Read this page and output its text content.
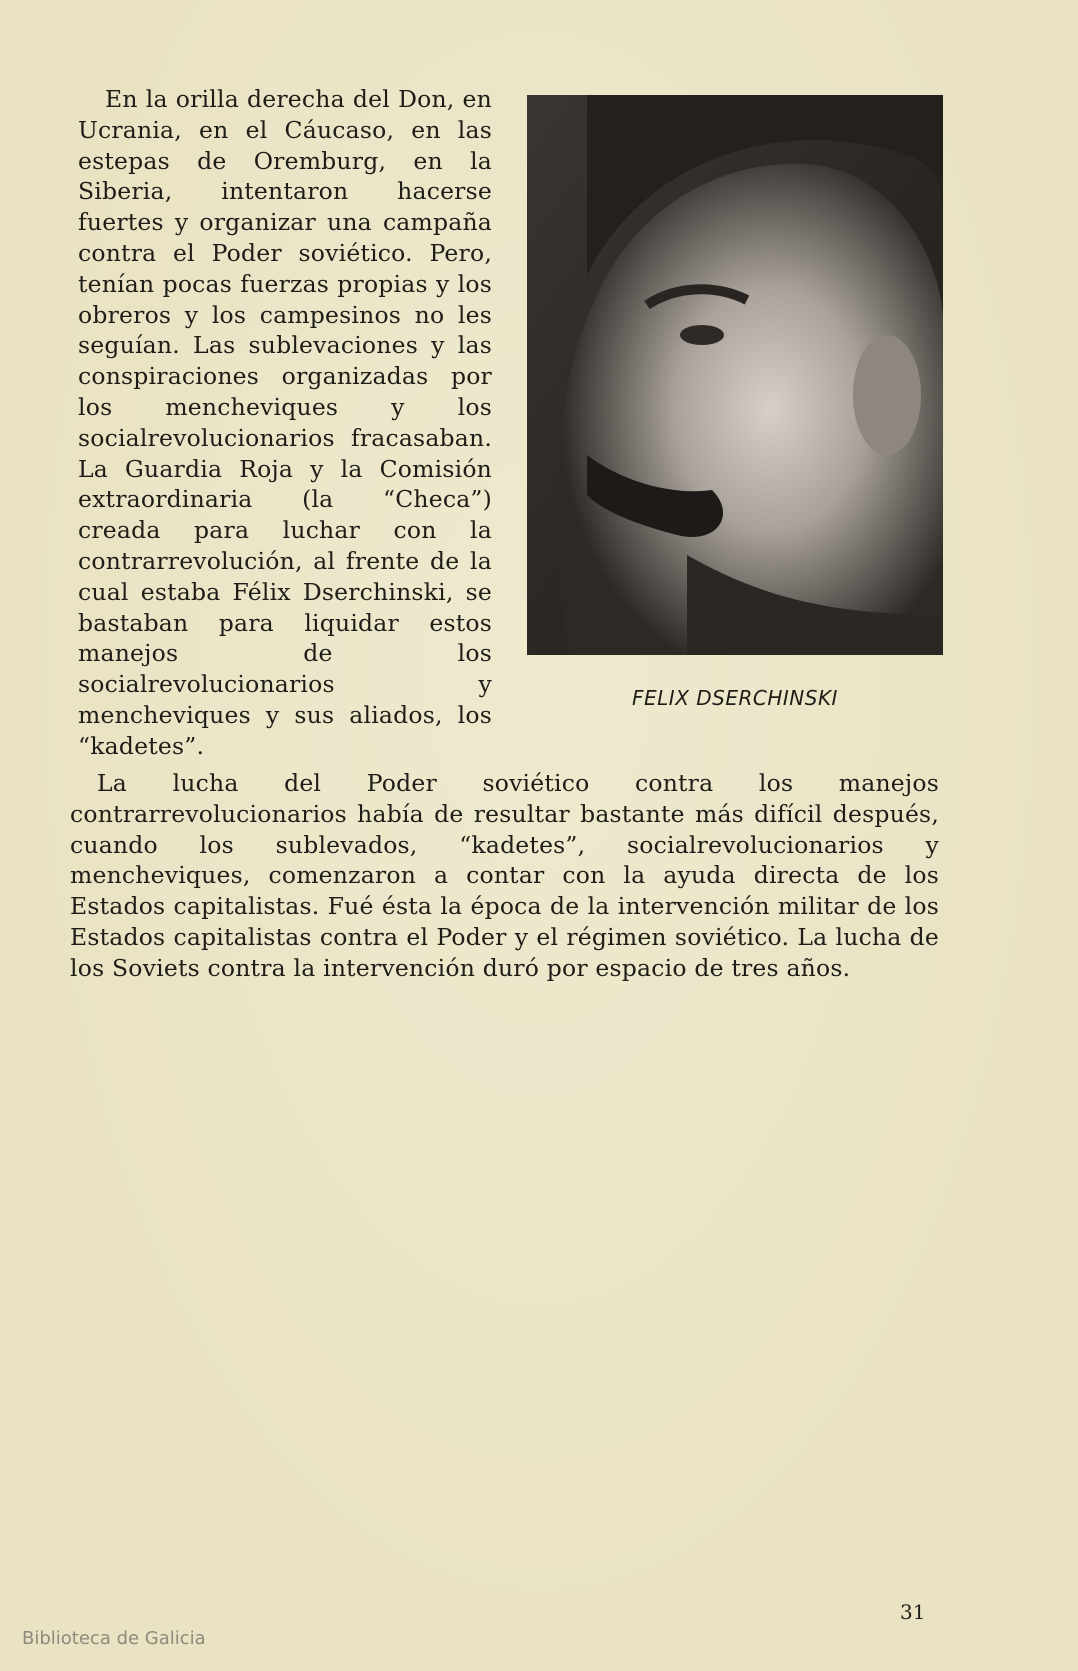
En la orilla derecha del Don, en Ucrania, en el Cáucaso, en las estepas de Oremburg, en la Siberia, intentaron hacerse fuertes y organizar una campaña contra el Poder soviético. Pero, tenían pocas fuerzas propias y los obreros y los campesinos no les seguían. Las sublevaciones y las conspiraciones organizadas por los mencheviques y los socialrevolucionarios fracasaban. La Guardia Roja y la Comisión extraordinaria (la “Checa”) creada para luchar con la contrarrevolución, al frente de la cual estaba Félix Dserchinski, se bastaban para liquidar estos manejos de los socialrevolucionarios y mencheviques y sus aliados, los “kadetes”.

FELIX DSERCHINSKI

La lucha del Poder soviético contra los manejos contrarrevolucionarios había de resultar bastante más difícil después, cuando los sublevados, “kadetes”, socialrevolucionarios y mencheviques, comenzaron a contar con la ayuda directa de los Estados capitalistas. Fué ésta la época de la intervención militar de los Estados capitalistas contra el Poder y el régimen soviético. La lucha de los Soviets contra la intervención duró por espacio de tres años.

31
Biblioteca de Galicia
